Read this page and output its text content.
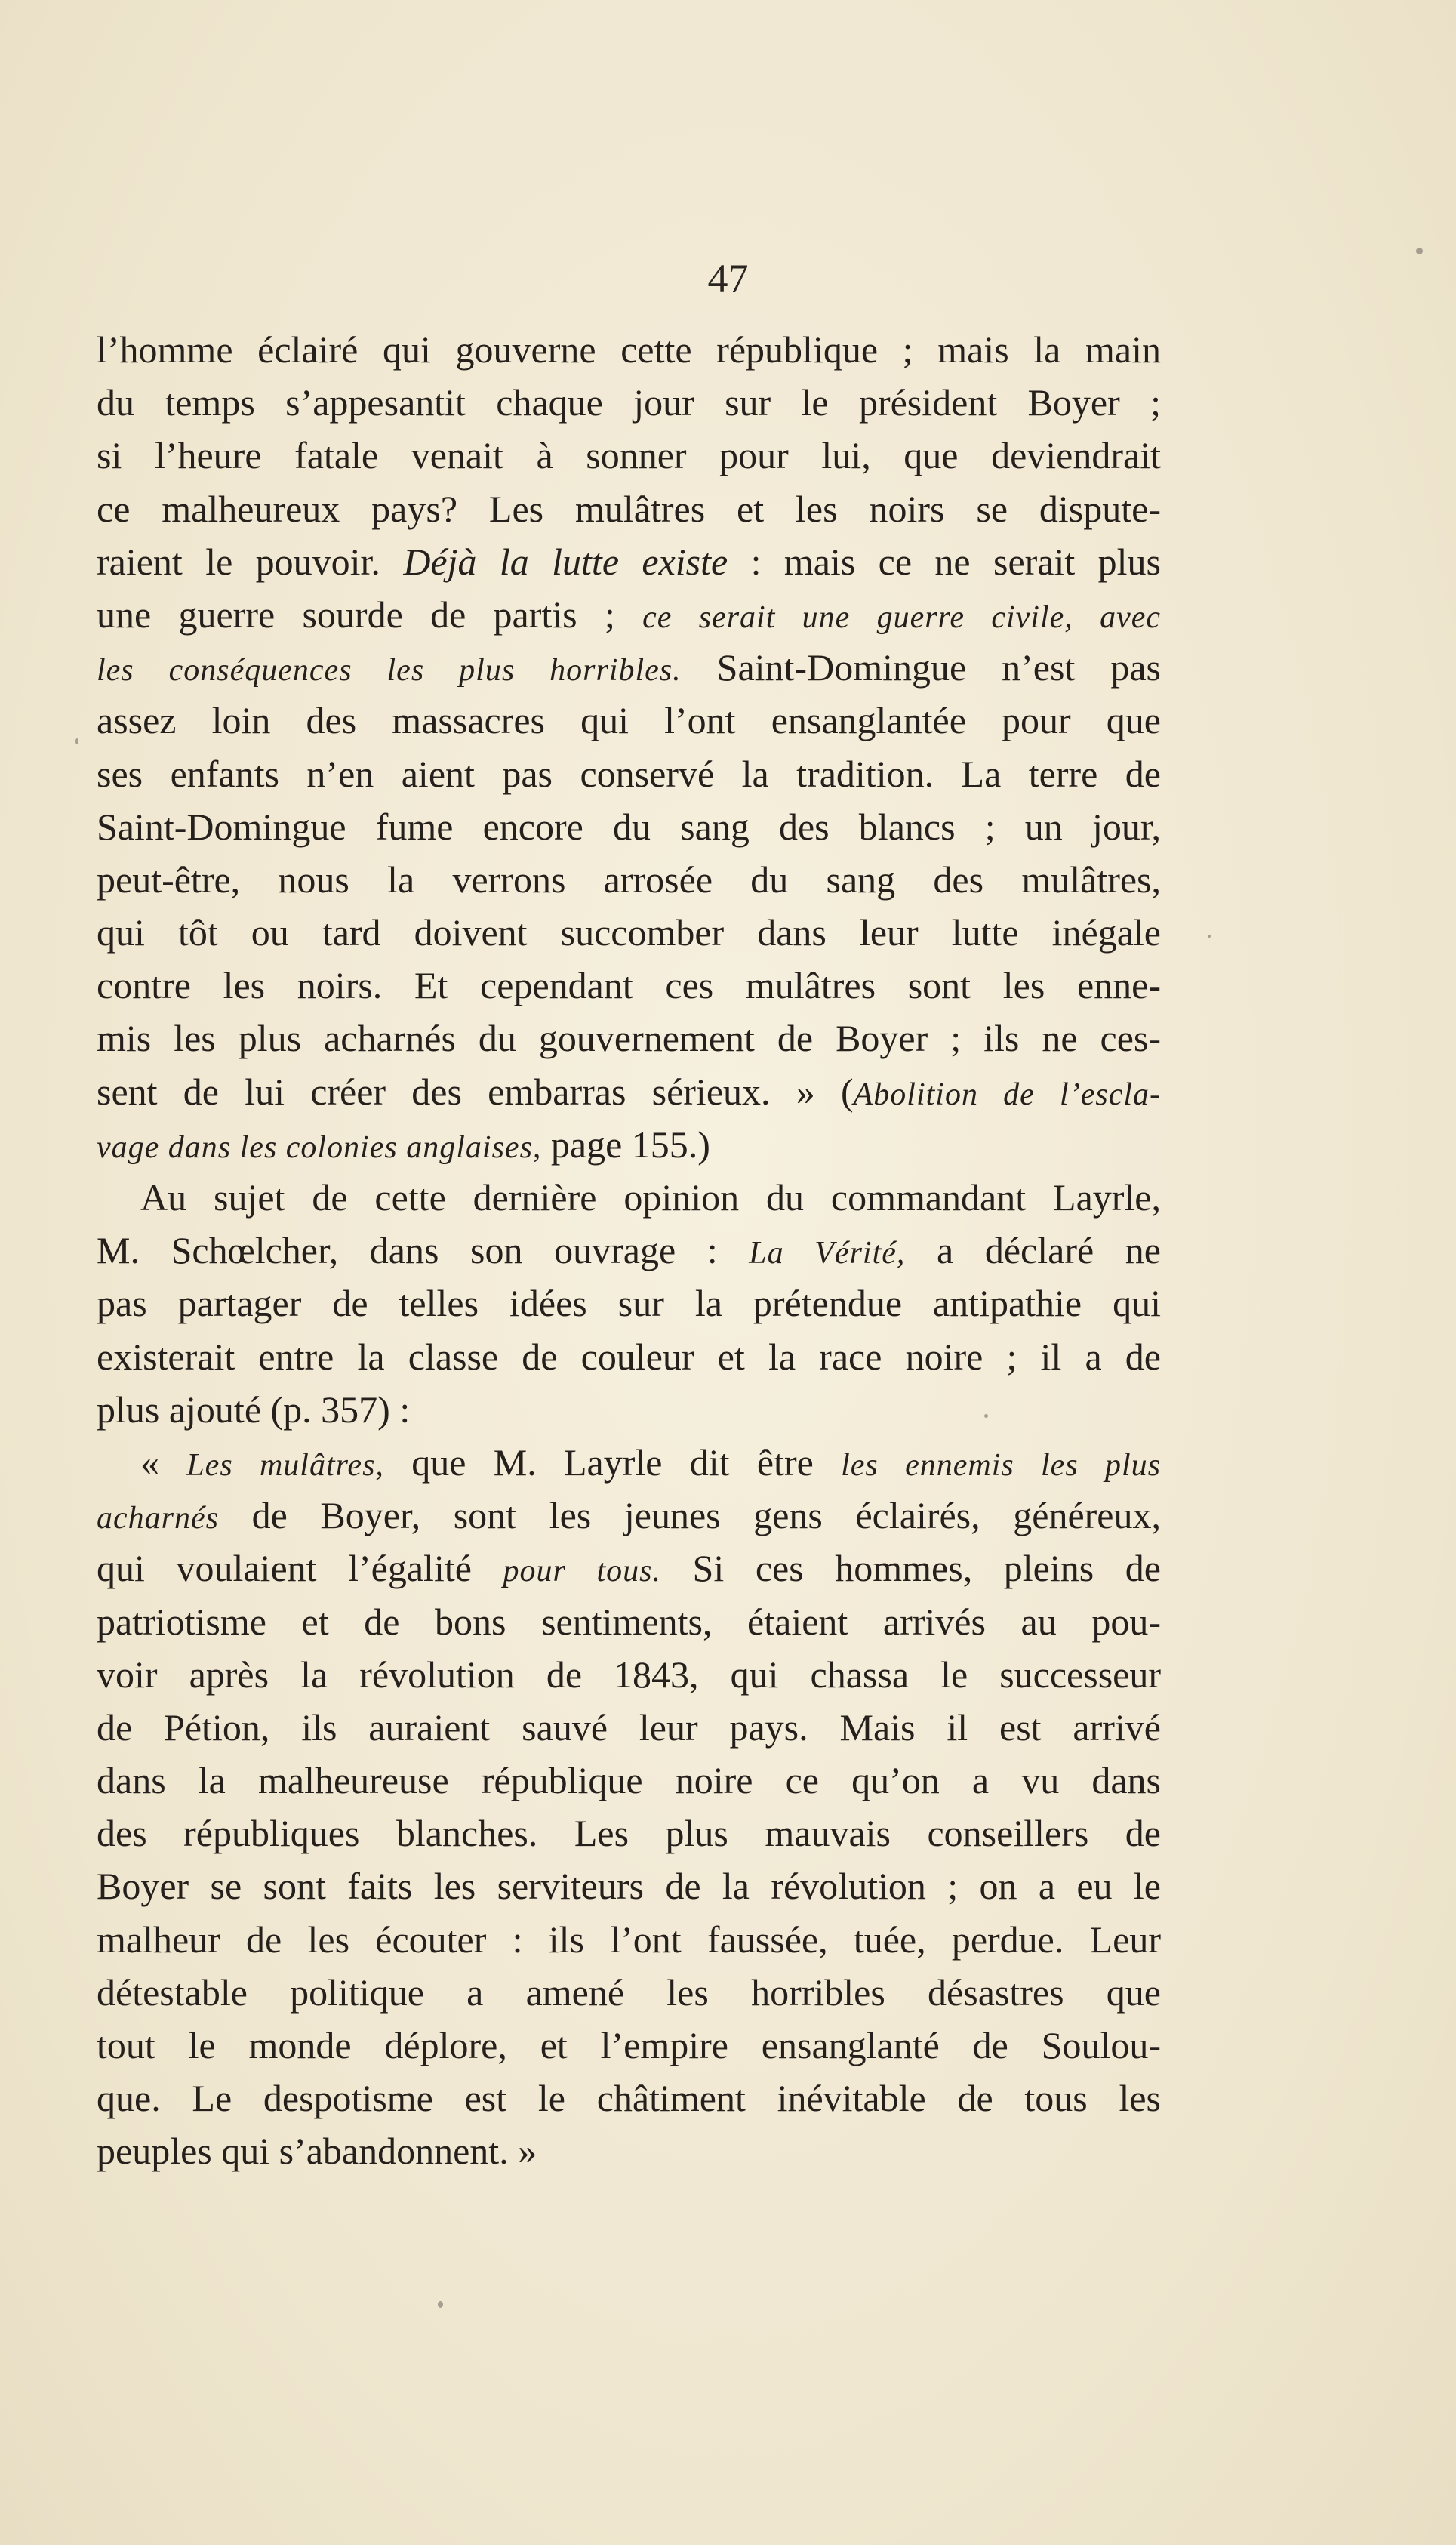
47
l’homme éclairé qui gouverne cette république ; mais la main
du temps s’appesantit chaque jour sur le président Boyer ;
si l’heure fatale venait à sonner pour lui, que deviendrait
ce malheureux pays? Les mulâtres et les noirs se dispute-
raient le pouvoir. Déjà la lutte existe : mais ce ne serait plus
une guerre sourde de partis ; ce serait une guerre civile, avec
les conséquences les plus horribles. Saint-Domingue n’est pas
assez loin des massacres qui l’ont ensanglantée pour que
ses enfants n’en aient pas conservé la tradition. La terre de
Saint-Domingue fume encore du sang des blancs ; un jour,
peut-être, nous la verrons arrosée du sang des mulâtres,
qui tôt ou tard doivent succomber dans leur lutte inégale
contre les noirs. Et cependant ces mulâtres sont les enne-
mis les plus acharnés du gouvernement de Boyer ; ils ne ces-
sent de lui créer des embarras sérieux. » (Abolition de l’escla-
vage dans les colonies anglaises, page 155.)
Au sujet de cette dernière opinion du commandant Layrle,
M. Schœlcher, dans son ouvrage : La Vérité, a déclaré ne
pas partager de telles idées sur la prétendue antipathie qui
existerait entre la classe de couleur et la race noire ; il a de
plus ajouté (p. 357) :
« Les mulâtres, que M. Layrle dit être les ennemis les plus
acharnés de Boyer, sont les jeunes gens éclairés, généreux,
qui voulaient l’égalité pour tous. Si ces hommes, pleins de
patriotisme et de bons sentiments, étaient arrivés au pou-
voir après la révolution de 1843, qui chassa le successeur
de Pétion, ils auraient sauvé leur pays. Mais il est arrivé
dans la malheureuse république noire ce qu’on a vu dans
des républiques blanches. Les plus mauvais conseillers de
Boyer se sont faits les serviteurs de la révolution ; on a eu le
malheur de les écouter : ils l’ont faussée, tuée, perdue. Leur
détestable politique a amené les horribles désastres que
tout le monde déplore, et l’empire ensanglanté de Soulou-
que. Le despotisme est le châtiment inévitable de tous les
peuples qui s’abandonnent. »
